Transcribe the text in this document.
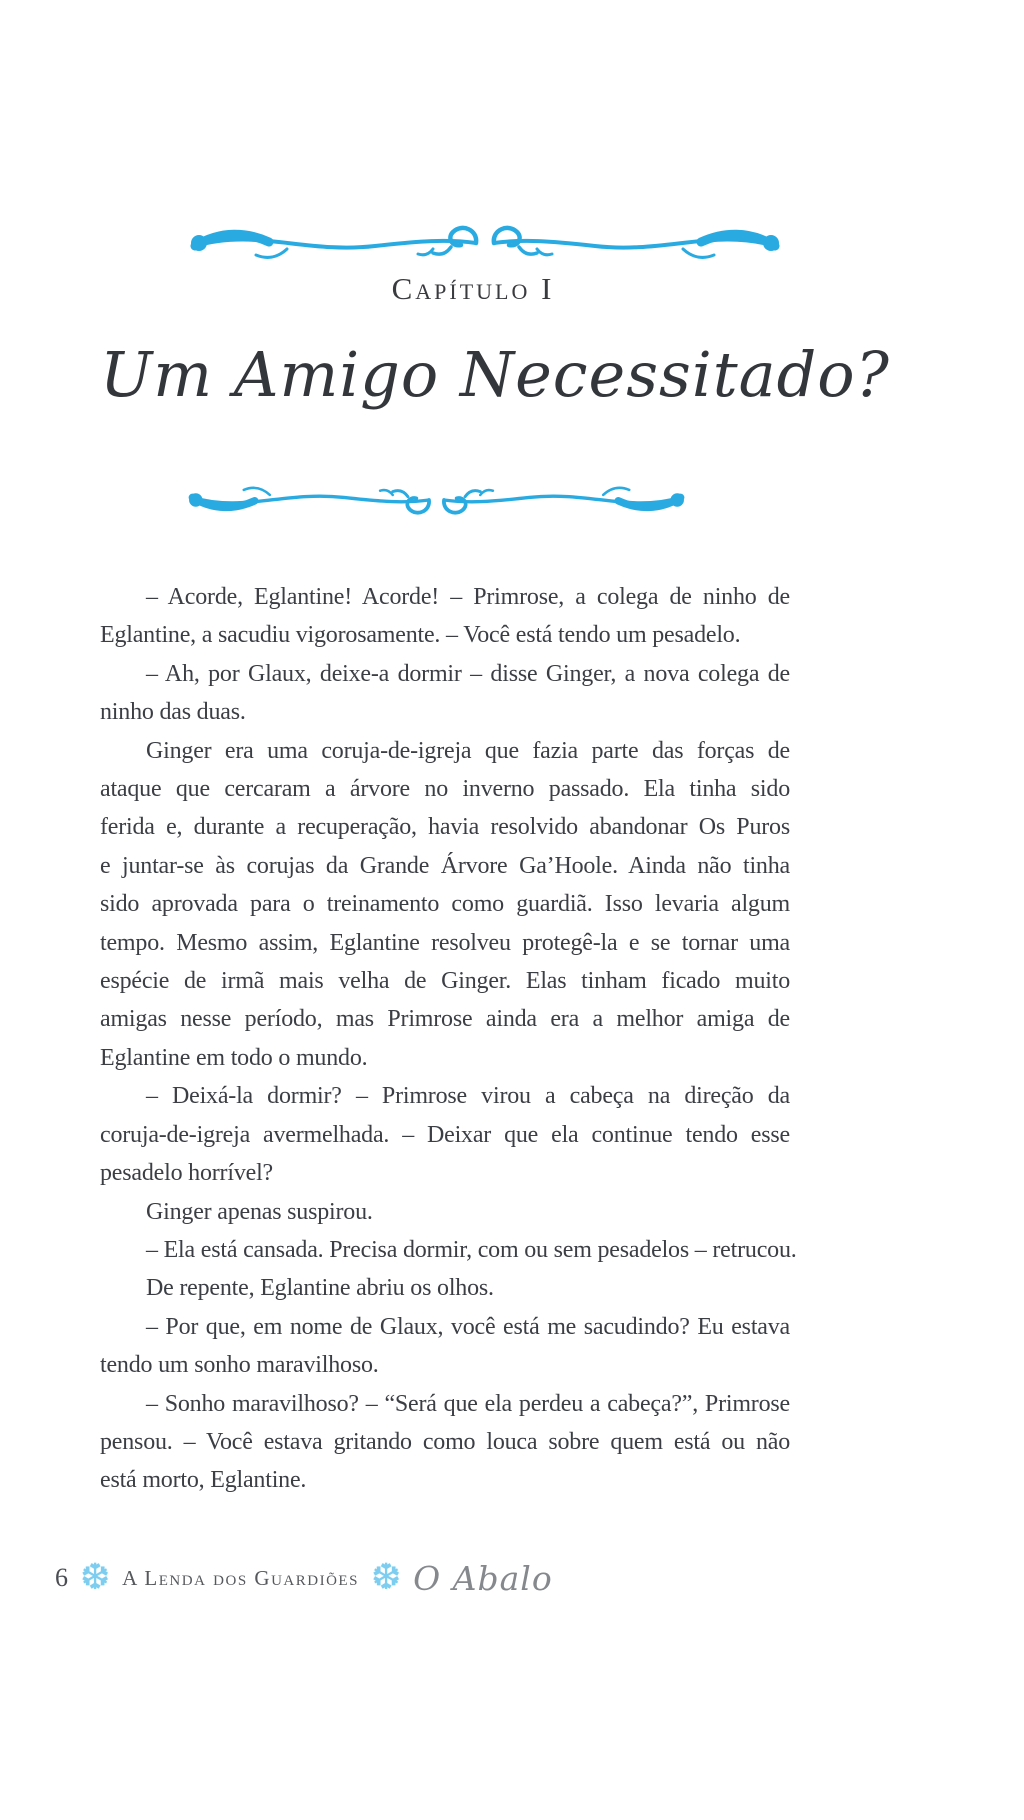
Capítulo I
Um Amigo Necessitado?
– Acorde, Eglantine! Acorde! – Primrose, a colega de ninho de
Eglantine, a sacudiu vigorosamente. – Você está tendo um pesadelo.
– Ah, por Glaux, deixe-a dormir – disse Ginger, a nova colega de
ninho das duas.
Ginger era uma coruja-de-igreja que fazia parte das forças de
ataque que cercaram a árvore no inverno passado. Ela tinha sido
ferida e, durante a recuperação, havia resolvido abandonar Os Puros
e juntar-se às corujas da Grande Árvore Ga’Hoole. Ainda não tinha
sido aprovada para o treinamento como guardiã. Isso levaria algum
tempo. Mesmo assim, Eglantine resolveu protegê-la e se tornar uma
espécie de irmã mais velha de Ginger. Elas tinham ficado muito
amigas nesse período, mas Primrose ainda era a melhor amiga de
Eglantine em todo o mundo.
– Deixá-la dormir? – Primrose virou a cabeça na direção da
coruja-de-igreja avermelhada. – Deixar que ela continue tendo esse
pesadelo horrível?
Ginger apenas suspirou.
– Ela está cansada. Precisa dormir, com ou sem pesadelos – retrucou.
De repente, Eglantine abriu os olhos.
– Por que, em nome de Glaux, você está me sacudindo? Eu estava
tendo um sonho maravilhoso.
– Sonho maravilhoso? – “Será que ela perdeu a cabeça?”, Primrose
pensou. – Você estava gritando como louca sobre quem está ou não
está morto, Eglantine.
6 ❆ A Lenda dos Guardiões ❆ O Abalo
